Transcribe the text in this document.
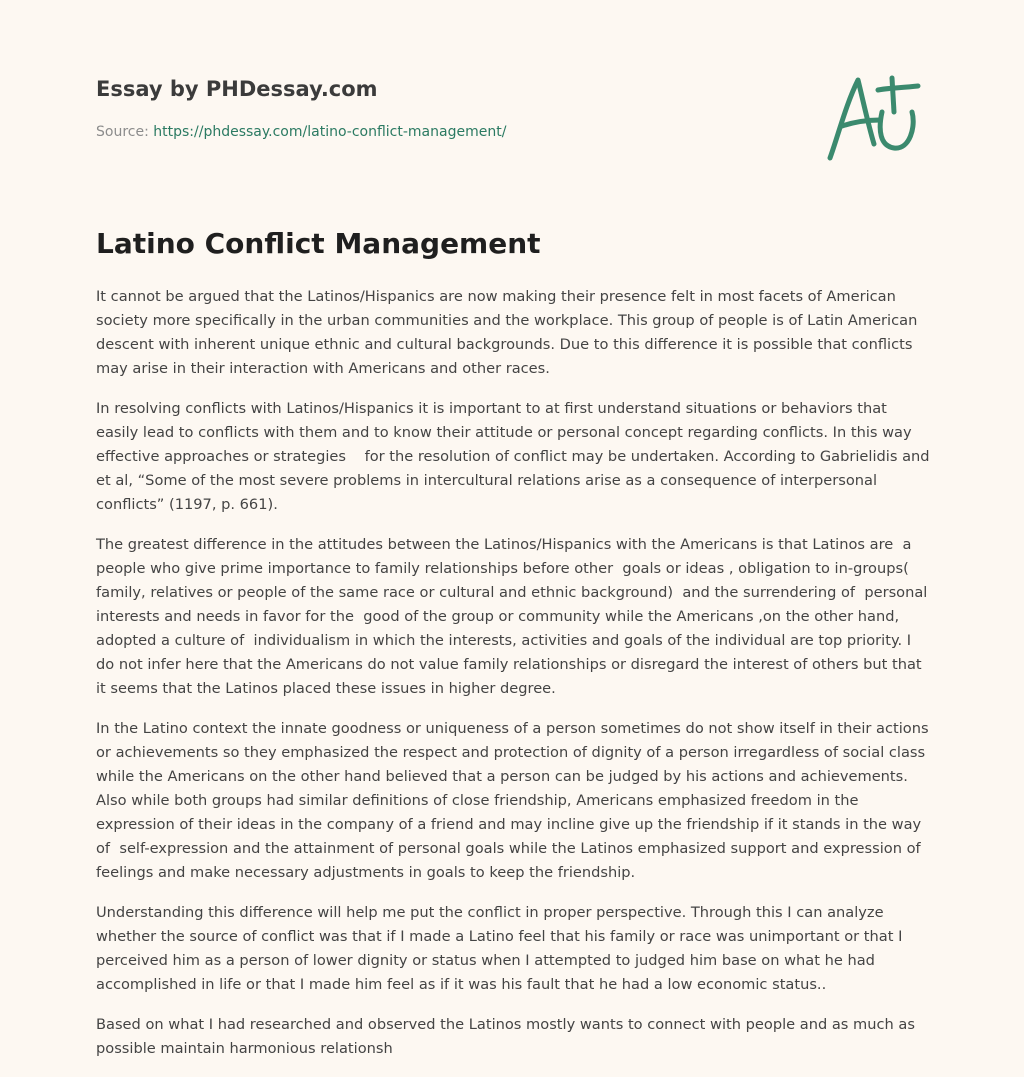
Essay by PHDessay.com
Source: https://phdessay.com/latino-conflict-management/
Latino Conflict Management

It cannot be argued that the Latinos/Hispanics are now making their presence felt in most facets of American society more specifically in the urban communities and the workplace. This group of people is of Latin American descent with inherent unique ethnic and cultural backgrounds. Due to this difference it is possible that conflicts may arise in their interaction with Americans and other races.

In resolving conflicts with Latinos/Hispanics it is important to at first understand situations or behaviors that easily lead to conflicts with them and to know their attitude or personal concept regarding conflicts. In this way effective approaches or strategies    for the resolution of conflict may be undertaken. According to Gabrielidis and et al, “Some of the most severe problems in intercultural relations arise as a consequence of interpersonal conflicts” (1197, p. 661).

The greatest difference in the attitudes between the Latinos/Hispanics with the Americans is that Latinos are  a people who give prime importance to family relationships before other  goals or ideas , obligation to in-groups( family, relatives or people of the same race or cultural and ethnic background)  and the surrendering of  personal interests and needs in favor for the  good of the group or community while the Americans ,on the other hand, adopted a culture of  individualism in which the interests, activities and goals of the individual are top priority. I do not infer here that the Americans do not value family relationships or disregard the interest of others but that it seems that the Latinos placed these issues in higher degree.

In the Latino context the innate goodness or uniqueness of a person sometimes do not show itself in their actions or achievements so they emphasized the respect and protection of dignity of a person irregardless of social class while the Americans on the other hand believed that a person can be judged by his actions and achievements. Also while both groups had similar definitions of close friendship, Americans emphasized freedom in the expression of their ideas in the company of a friend and may incline give up the friendship if it stands in the way of  self-expression and the attainment of personal goals while the Latinos emphasized support and expression of feelings and make necessary adjustments in goals to keep the friendship.

Understanding this difference will help me put the conflict in proper perspective. Through this I can analyze whether the source of conflict was that if I made a Latino feel that his family or race was unimportant or that I perceived him as a person of lower dignity or status when I attempted to judged him base on what he had accomplished in life or that I made him feel as if it was his fault that he had a low economic status..

Based on what I had researched and observed the Latinos mostly wants to connect with people and as much as possible maintain harmonious relationsh
